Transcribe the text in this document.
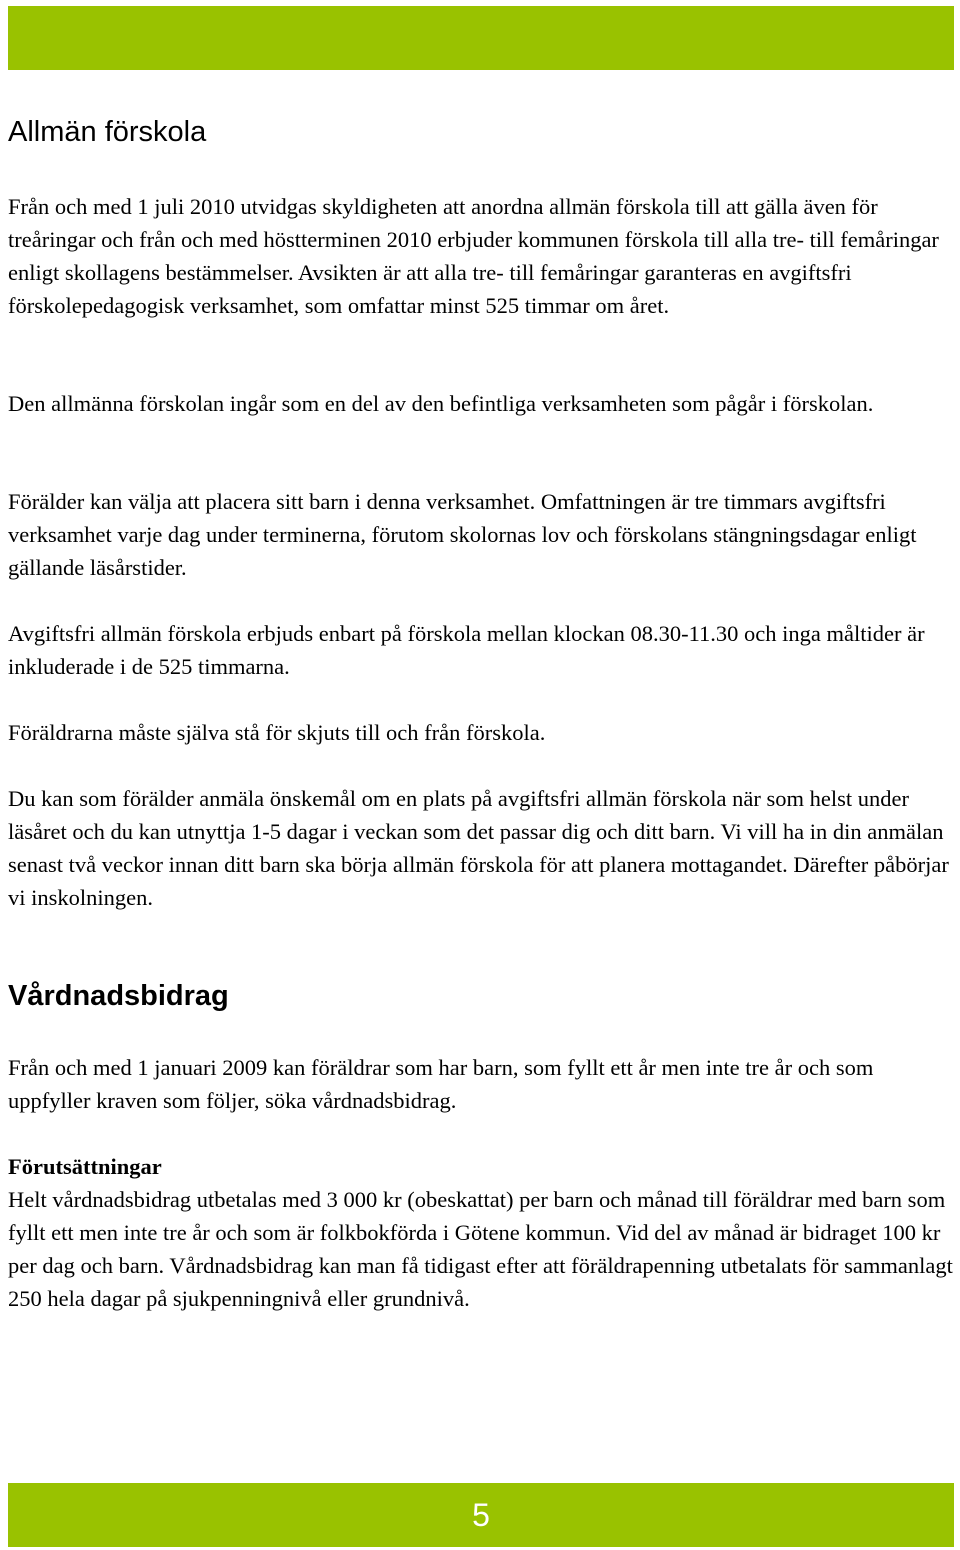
Allmän förskola

Från och med 1 juli 2010 utvidgas skyldigheten att anordna allmän förskola till att gälla även för treåringar och från och med höstterminen 2010 erbjuder kommunen förskola till alla tre- till femåringar enligt skollagens bestämmelser. Avsikten är att alla tre- till femåringar garanteras en avgiftsfri förskolepedagogisk verksamhet, som omfattar minst 525 timmar om året.

Den allmänna förskolan ingår som en del av den befintliga verksamheten som pågår i förskolan.

Förälder kan välja att placera sitt barn i denna verksamhet. Omfattningen är tre timmars avgiftsfri verksamhet varje dag under terminerna, förutom skolornas lov och förskolans stängningsdagar enligt gällande läsårstider.

Avgiftsfri allmän förskola erbjuds enbart på förskola mellan klockan 08.30-11.30 och inga måltider är inkluderade i de 525 timmarna.

Föräldrarna måste själva stå för skjuts till och från förskola.

Du kan som förälder anmäla önskemål om en plats på avgiftsfri allmän förskola när som helst under läsåret och du kan utnyttja 1-5 dagar i veckan som det passar dig och ditt barn. Vi vill ha in din anmälan senast två veckor innan ditt barn ska börja allmän förskola för att planera mottagandet. Därefter påbörjar vi inskolningen.

Vårdnadsbidrag

Från och med 1 januari 2009 kan föräldrar som har barn, som fyllt ett år men inte tre år och som uppfyller kraven som följer, söka vårdnadsbidrag.

Förutsättningar
Helt vårdnadsbidrag utbetalas med 3 000 kr (obeskattat) per barn och månad till föräldrar med barn som fyllt ett men inte tre år och som är folkbokförda i Götene kommun. Vid del av månad är bidraget 100 kr per dag och barn. Vårdnadsbidrag kan man få tidigast efter att föräldrapenning utbetalats för sammanlagt 250 hela dagar på sjukpenningnivå eller grundnivå.

5
